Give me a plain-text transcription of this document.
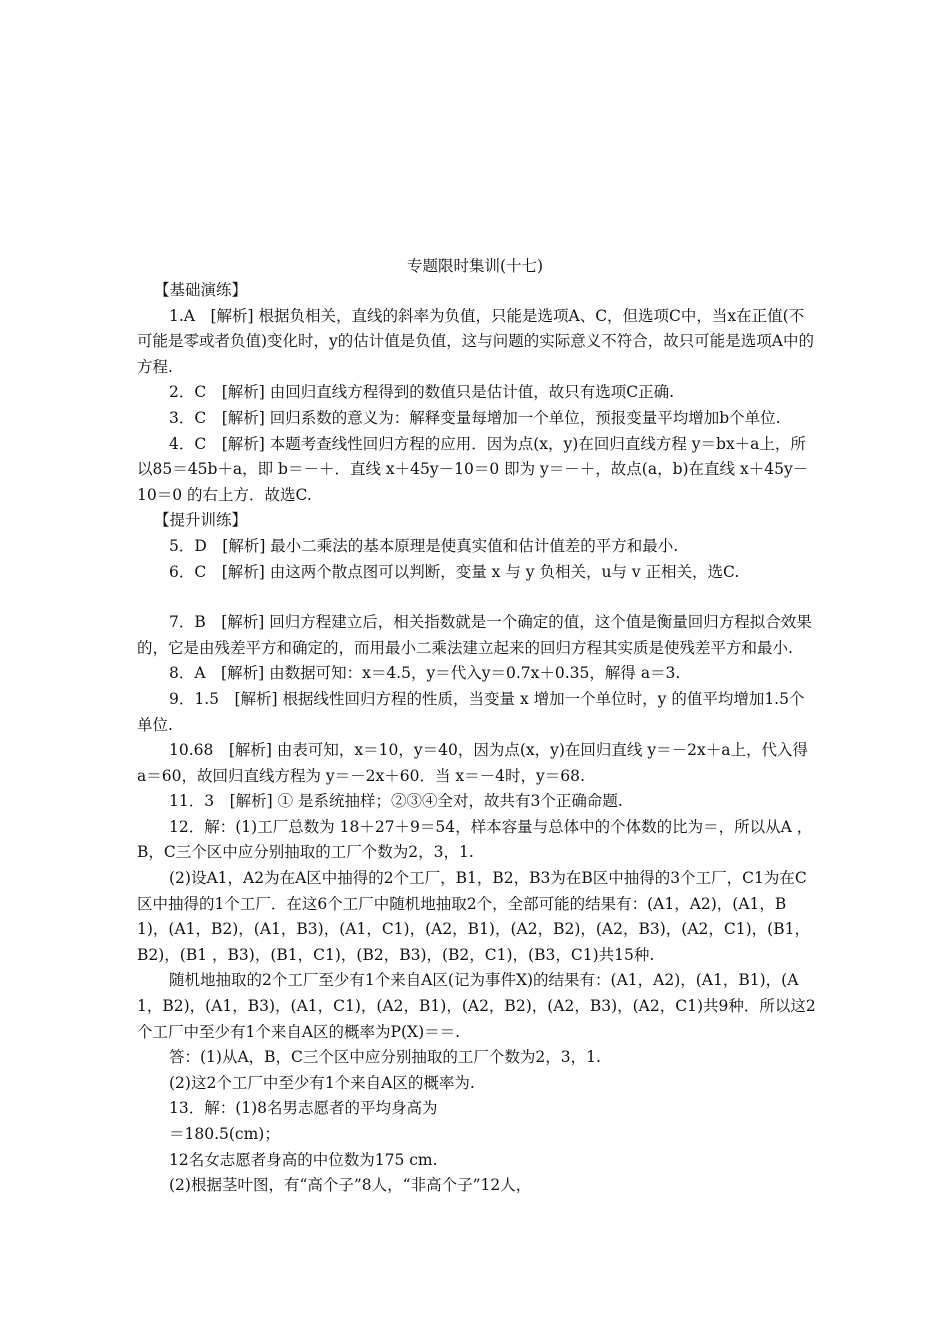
专题限时集训(十七)

【基础演练】

1.A　[解析] 根据负相关，直线的斜率为负值，只能是选项A、C，但选项C中，当x在正值(不可能是零或者负值)变化时，y的估计值是负值，这与问题的实际意义不符合，故只可能是选项A中的方程.

2．C　[解析] 由回归直线方程得到的数值只是估计值，故只有选项C正确.

3．C　[解析] 回归系数的意义为：解释变量每增加一个单位，预报变量平均增加b个单位.

4．C　[解析] 本题考查线性回归方程的应用．因为点(x，y)在回归直线方程 y＝bx＋a上，所以85＝45b＋a，即 b＝－＋．直线 x＋45y－10＝0 即为 y＝－＋，故点(a，b)在直线 x＋45y－10＝0 的右上方．故选C.

【提升训练】

5．D　[解析] 最小二乘法的基本原理是使真实值和估计值差的平方和最小.

6．C　[解析] 由这两个散点图可以判断，变量 x 与 y 负相关，u与 v 正相关，选C.

7．B　[解析] 回归方程建立后，相关指数就是一个确定的值，这个值是衡量回归方程拟合效果的，它是由残差平方和确定的，而用最小二乘法建立起来的回归方程其实质是使残差平方和最小.

8．A　[解析] 由数据可知：x＝4.5，y＝代入y＝0.7x＋0.35，解得 a＝3.

9．1.5　[解析] 根据线性回归方程的性质，当变量 x 增加一个单位时，y 的值平均增加1.5个单位.

10.68　[解析] 由表可知，x＝10，y＝40，因为点(x，y)在回归直线 y＝－2x＋a上，代入得a＝60，故回归直线方程为 y＝－2x＋60．当 x＝－4时，y＝68.

11．3　[解析] ① 是系统抽样；②③④全对，故共有3个正确命题.

12．解：(1)工厂总数为 18＋27＋9＝54，样本容量与总体中的个体数的比为＝，所以从A ，B，C三个区中应分别抽取的工厂个数为2，3，1.

(2)设A1，A2为在A区中抽得的2个工厂，B1，B2，B3为在B区中抽得的3个工厂，C1为在C区中抽得的1个工厂．在这6个工厂中随机地抽取2个，全部可能的结果有：(A1，A2)，(A1，B1)，(A1，B2)，(A1，B3)，(A1，C1)，(A2，B1)，(A2，B2)，(A2，B3)，(A2，C1)，(B1，B2)，(B1 ，B3)，(B1，C1)，(B2，B3)，(B2，C1)，(B3，C1)共15种.

随机地抽取的2个工厂至少有1个来自A区(记为事件X)的结果有：(A1，A2)，(A1，B1)，(A1，B2)，(A1，B3)，(A1，C1)，(A2，B1)，(A2，B2)，(A2，B3)，(A2，C1)共9种．所以这2个工厂中至少有1个来自A区的概率为P(X)＝＝.

答：(1)从A，B，C三个区中应分别抽取的工厂个数为2，3，1.

(2)这2个工厂中至少有1个来自A区的概率为.

13．解：(1)8名男志愿者的平均身高为

＝180.5(cm)；

12名女志愿者身高的中位数为175 cm.

(2)根据茎叶图，有“高个子”8人，“非高个子”12人，
